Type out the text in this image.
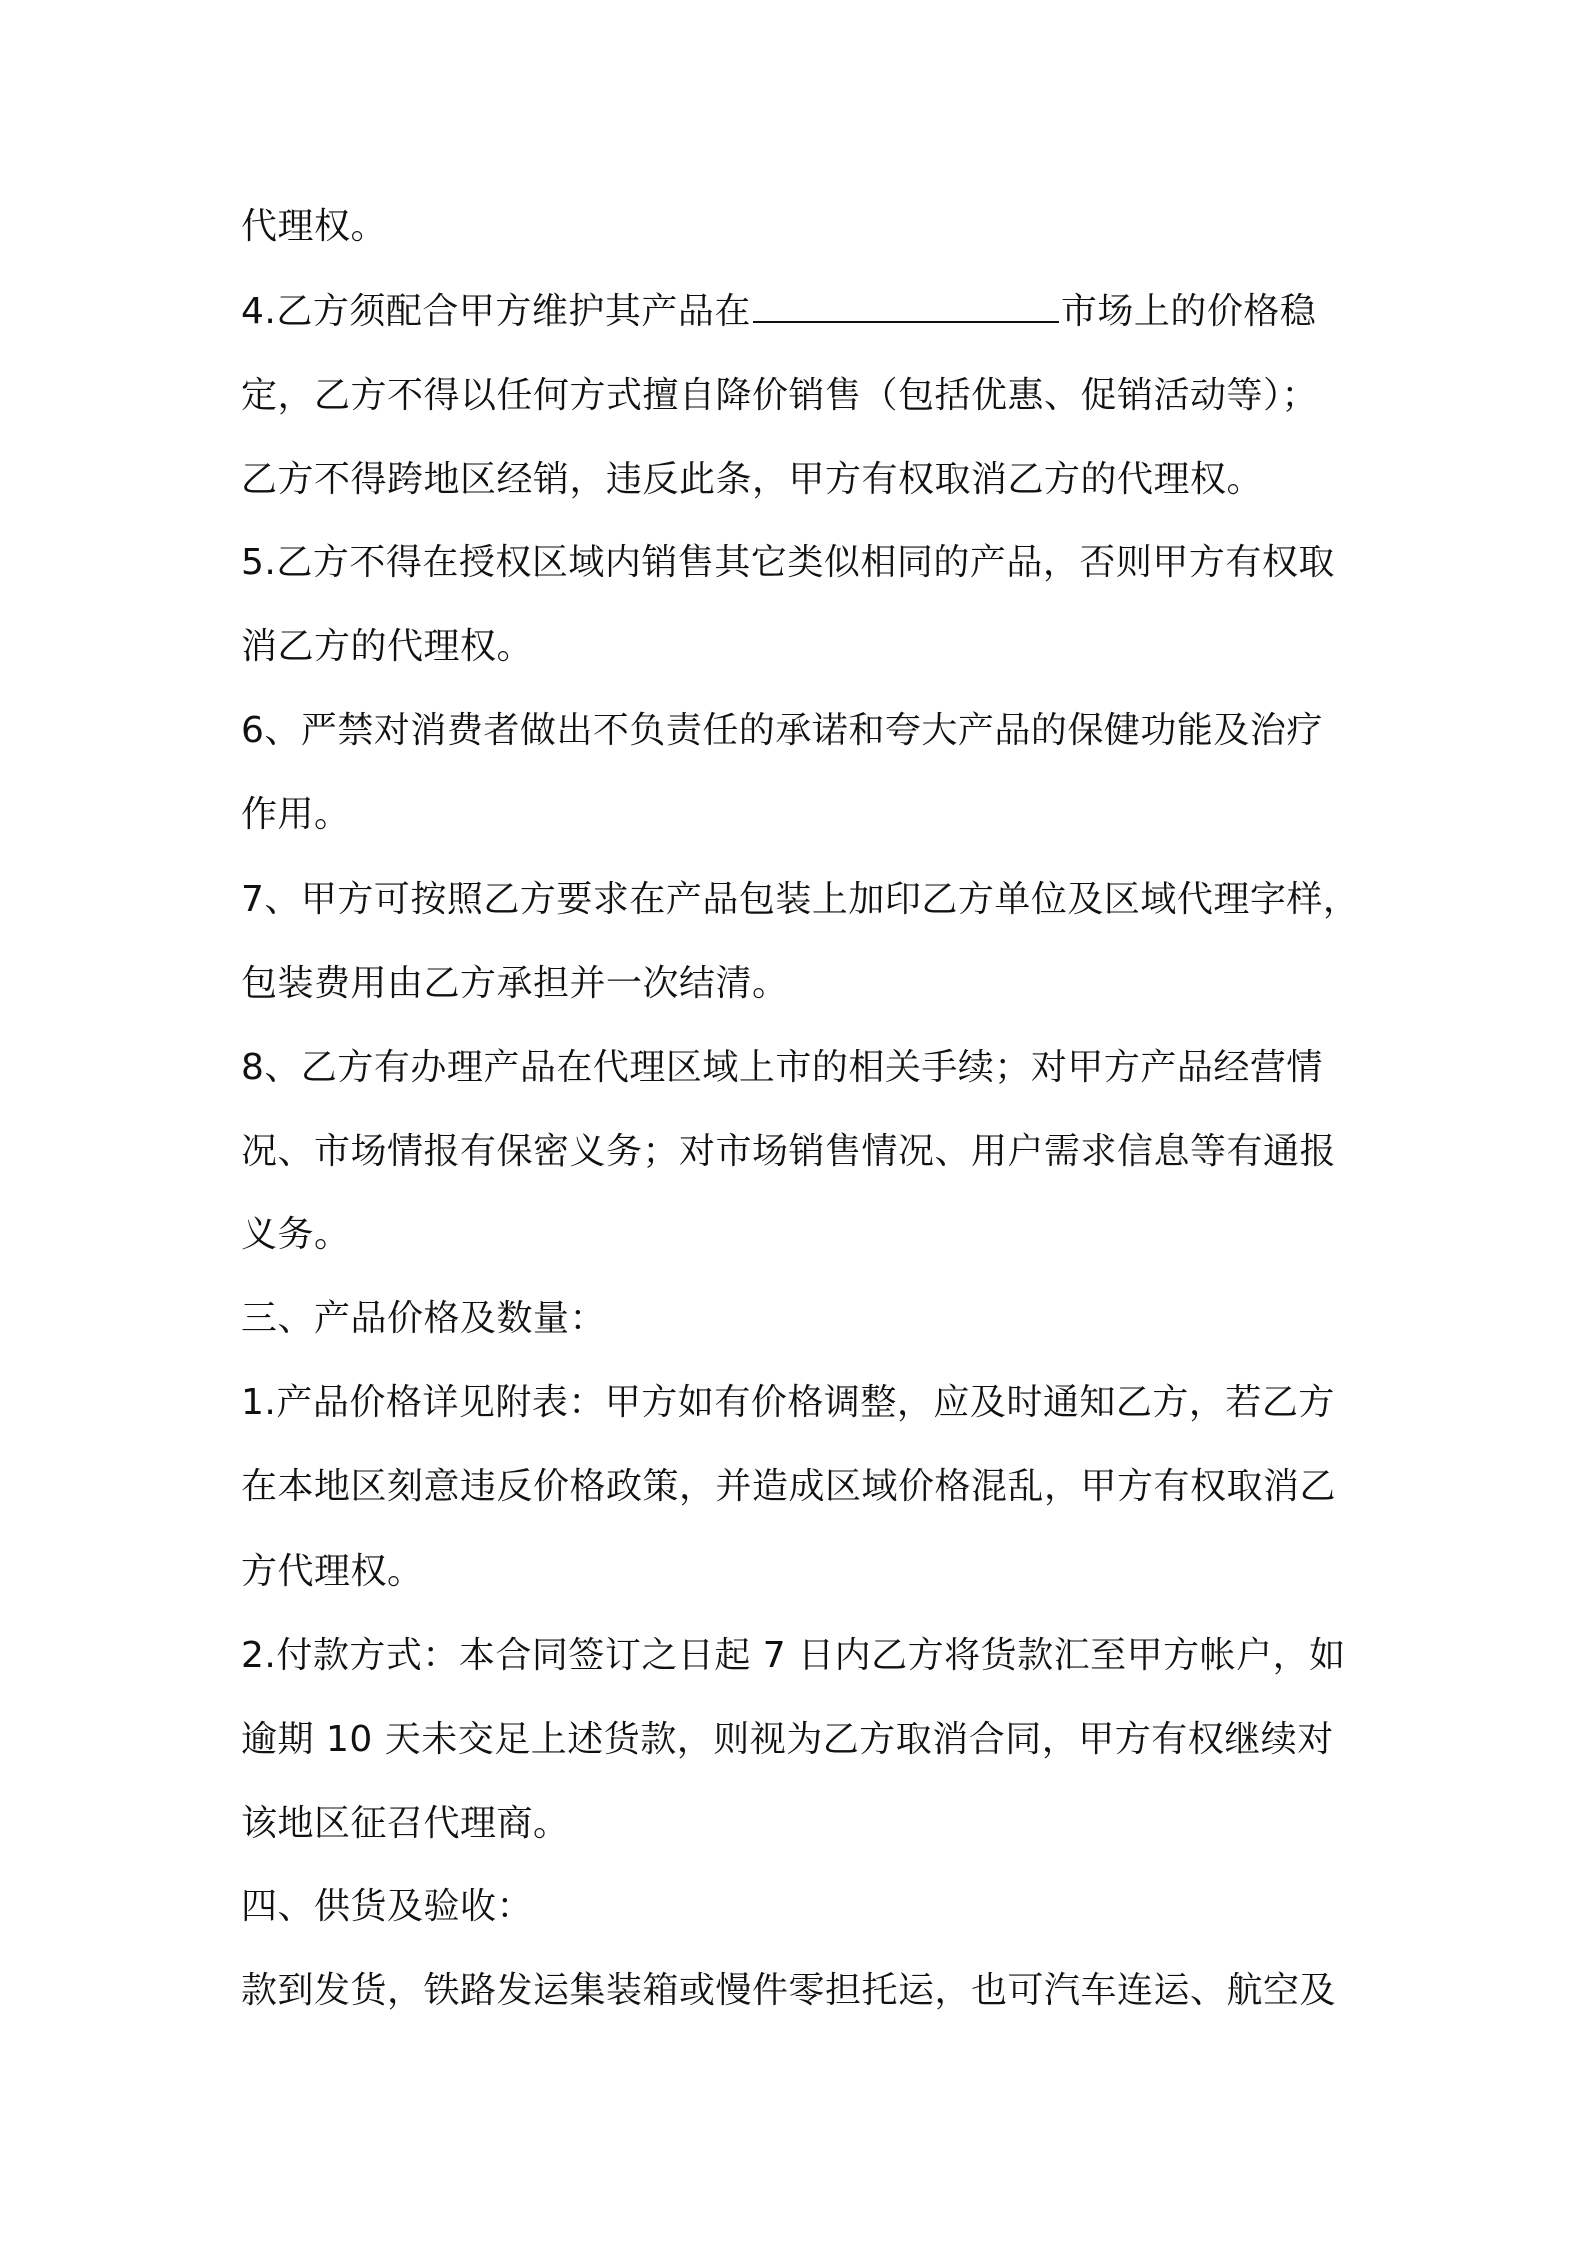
代理权。
4.乙方须配合甲方维护其产品在	市场上的价格稳
定，乙方不得以任何方式擅自降价销售（包括优惠、促销活动等）；
乙方不得跨地区经销，违反此条，甲方有权取消乙方的代理权。
5.乙方不得在授权区域内销售其它类似相同的产品，否则甲方有权取
消乙方的代理权。
6、严禁对消费者做出不负责任的承诺和夸大产品的保健功能及治疗
作用。
7、甲方可按照乙方要求在产品包装上加印乙方单位及区域代理字样，
包装费用由乙方承担并一次结清。
8、乙方有办理产品在代理区域上市的相关手续；对甲方产品经营情
况、市场情报有保密义务；对市场销售情况、用户需求信息等有通报
义务。
三、产品价格及数量：
1.产品价格详见附表：甲方如有价格调整，应及时通知乙方，若乙方
在本地区刻意违反价格政策，并造成区域价格混乱，甲方有权取消乙
方代理权。
2.付款方式：本合同签订之日起 7 日内乙方将货款汇至甲方帐户，如
逾期 10 天未交足上述货款，则视为乙方取消合同，甲方有权继续对
该地区征召代理商。
四、供货及验收：
款到发货，铁路发运集装箱或慢件零担托运，也可汽车连运、航空及
